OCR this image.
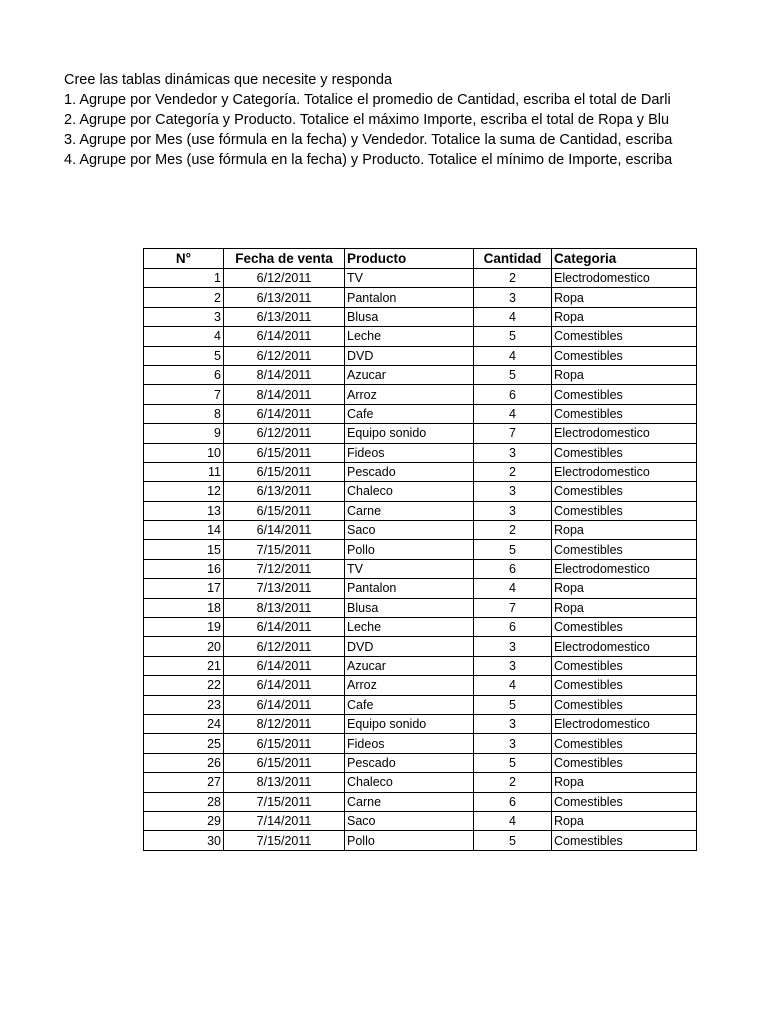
Cree las tablas dinámicas que necesite y responda
1. Agrupe por Vendedor y Categoría. Totalice el promedio de Cantidad, escriba el total de Darli
2. Agrupe por Categoría y Producto. Totalice el máximo Importe, escriba el total de Ropa y Blu
3. Agrupe por Mes (use fórmula en la fecha) y Vendedor. Totalice la suma de Cantidad, escriba
4. Agrupe por Mes (use fórmula en la fecha) y Producto. Totalice el mínimo de Importe, escriba
N°	Fecha de venta	Producto	Cantidad	Categoria
1	6/12/2011	TV	2	Electrodomestico
2	6/13/2011	Pantalon	3	Ropa
3	6/13/2011	Blusa	4	Ropa
4	6/14/2011	Leche	5	Comestibles
5	6/12/2011	DVD	4	Comestibles
6	8/14/2011	Azucar	5	Ropa
7	8/14/2011	Arroz	6	Comestibles
8	6/14/2011	Cafe	4	Comestibles
9	6/12/2011	Equipo sonido	7	Electrodomestico
10	6/15/2011	Fideos	3	Comestibles
11	6/15/2011	Pescado	2	Electrodomestico
12	6/13/2011	Chaleco	3	Comestibles
13	6/15/2011	Carne	3	Comestibles
14	6/14/2011	Saco	2	Ropa
15	7/15/2011	Pollo	5	Comestibles
16	7/12/2011	TV	6	Electrodomestico
17	7/13/2011	Pantalon	4	Ropa
18	8/13/2011	Blusa	7	Ropa
19	6/14/2011	Leche	6	Comestibles
20	6/12/2011	DVD	3	Electrodomestico
21	6/14/2011	Azucar	3	Comestibles
22	6/14/2011	Arroz	4	Comestibles
23	6/14/2011	Cafe	5	Comestibles
24	8/12/2011	Equipo sonido	3	Electrodomestico
25	6/15/2011	Fideos	3	Comestibles
26	6/15/2011	Pescado	5	Comestibles
27	8/13/2011	Chaleco	2	Ropa
28	7/15/2011	Carne	6	Comestibles
29	7/14/2011	Saco	4	Ropa
30	7/15/2011	Pollo	5	Comestibles
